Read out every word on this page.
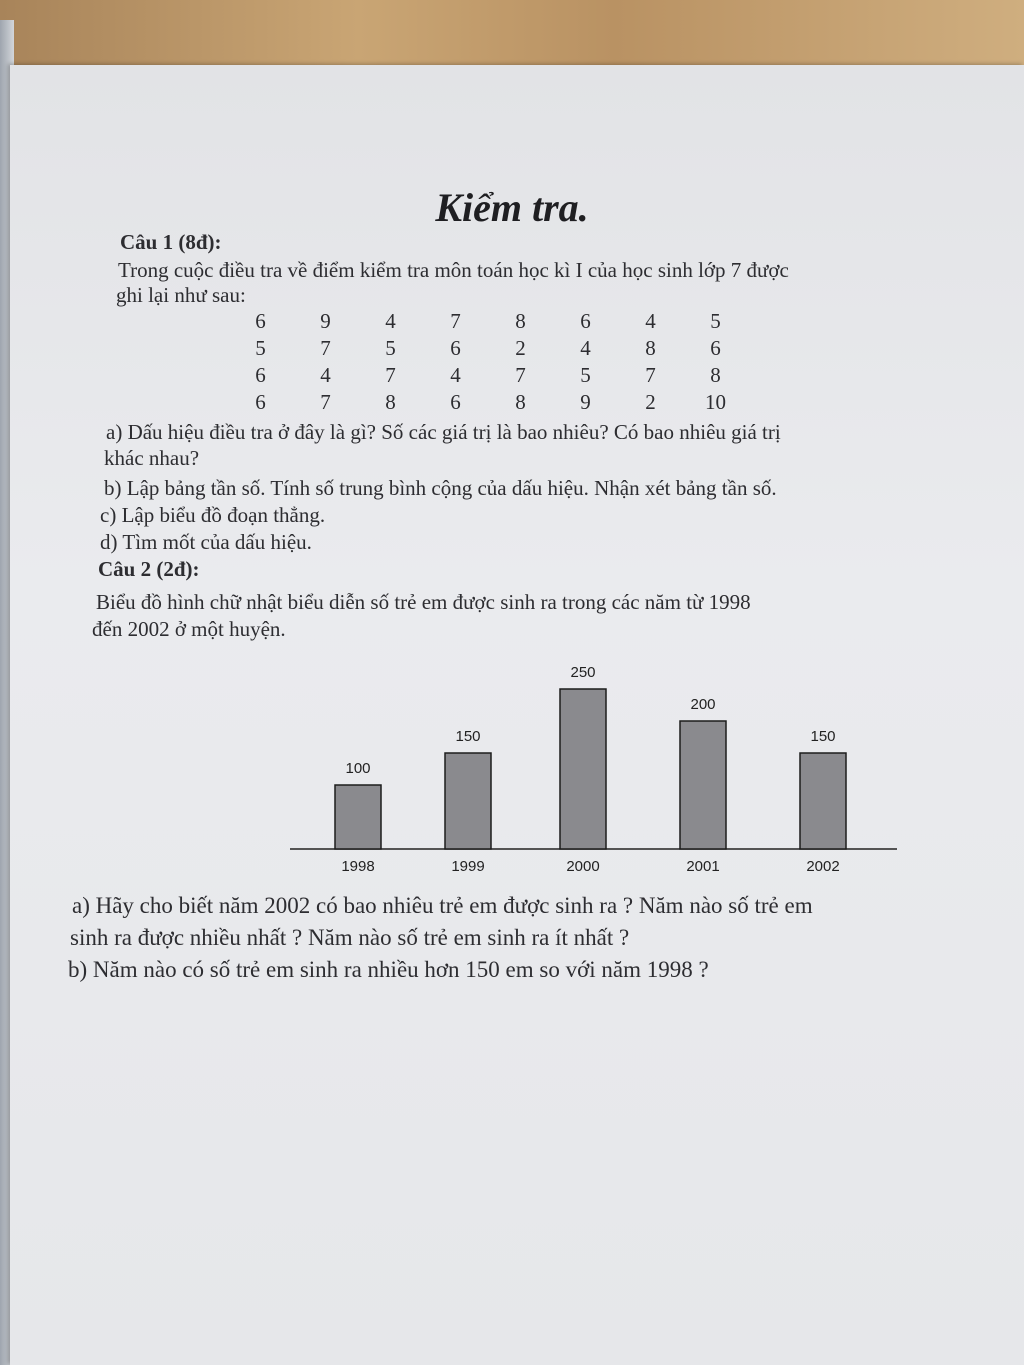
Kiểm tra.
Câu 1 (8đ):
Trong cuộc điều tra về điểm kiểm tra môn toán học kì I của học sinh lớp 7 được
ghi lại như sau:
6	9	4	7	8	6	4	5
5	7	5	6	2	4	8	6
6	4	7	4	7	5	7	8
6	7	8	6	8	9	2	10
a) Dấu hiệu điều tra ở đây là gì? Số các giá trị là bao nhiêu? Có bao nhiêu giá trị
khác nhau?
b) Lập bảng tần số. Tính số trung bình cộng của dấu hiệu. Nhận xét bảng tần số.
c) Lập biểu đồ đoạn thẳng.
d) Tìm mốt của dấu hiệu.
Câu 2 (2đ):
Biểu đồ hình chữ nhật biểu diễn số trẻ em được sinh ra trong các năm từ 1998
đến 2002 ở một huyện.
100
1998
150
1999
250
2000
200
2001
150
2002
a) Hãy cho biết năm 2002 có bao nhiêu trẻ em được sinh ra ? Năm nào số trẻ em
sinh ra được nhiều nhất ? Năm nào số trẻ em sinh ra ít nhất ?
b) Năm nào có số trẻ em sinh ra nhiều hơn 150 em so với năm 1998 ?
